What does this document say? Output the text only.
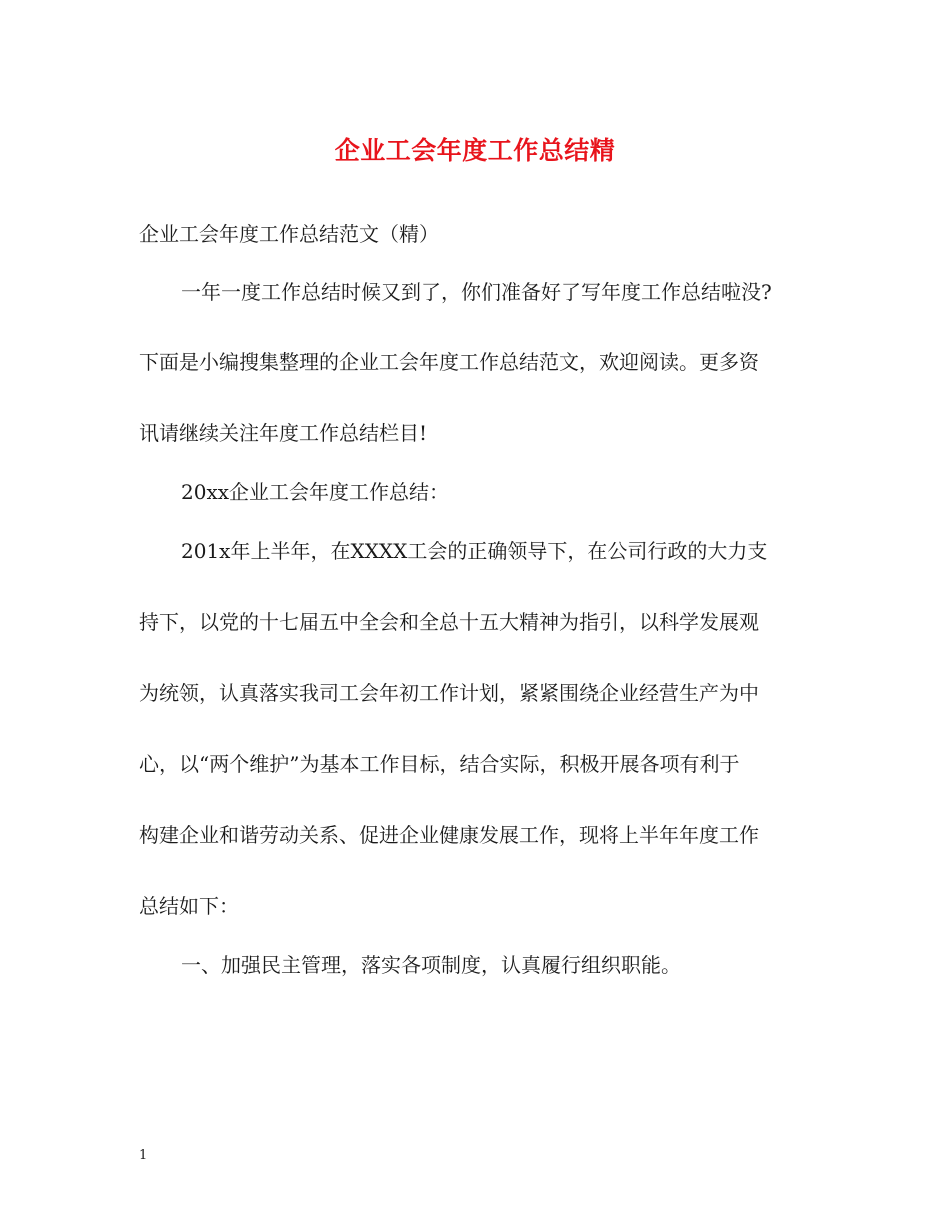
企业工会年度工作总结精
企业工会年度工作总结范文（精）
一年一度工作总结时候又到了，你们准备好了写年度工作总结啦没?
下面是小编搜集整理的企业工会年度工作总结范文，欢迎阅读。更多资
讯请继续关注年度工作总结栏目!
20xx企业工会年度工作总结：
201x年上半年，在XXXX工会的正确领导下，在公司行政的大力支
持下，以党的十七届五中全会和全总十五大精神为指引，以科学发展观
为统领，认真落实我司工会年初工作计划，紧紧围绕企业经营生产为中
心，以“两个维护”为基本工作目标，结合实际，积极开展各项有利于
构建企业和谐劳动关系、促进企业健康发展工作，现将上半年年度工作
总结如下：
一、加强民主管理，落实各项制度，认真履行组织职能。
1
